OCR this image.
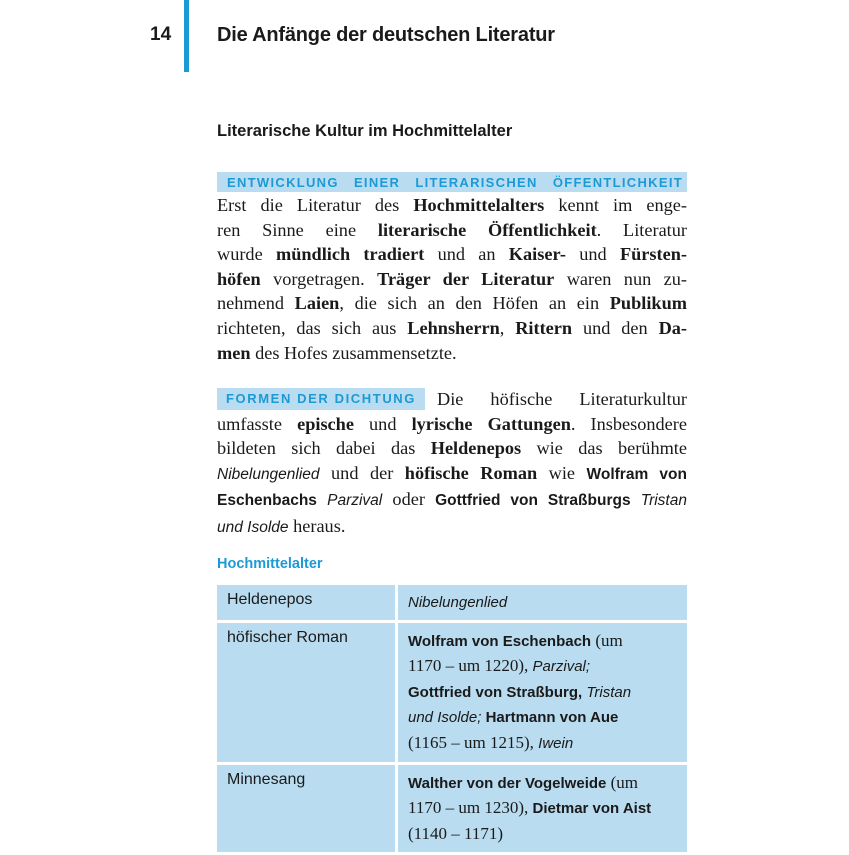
14 Die Anfänge der deutschen Literatur
Literarische Kultur im Hochmittelalter
ENTWICKLUNG EINER LITERARISCHEN ÖFFENTLICHKEIT
Erst die Literatur des Hochmittelalters kennt im enge-
ren Sinne eine literarische Öffentlichkeit. Literatur
wurde mündlich tradiert und an Kaiser- und Fürsten-
höfen vorgetragen. Träger der Literatur waren nun zu-
nehmend Laien, die sich an den Höfen an ein Publikum
richteten, das sich aus Lehnsherrn, Rittern und den Da-
men des Hofes zusammensetzte.
FORMEN DER DICHTUNG	Die höfische Literaturkultur
umfasste epische und lyrische Gattungen. Insbesondere
bildeten sich dabei das Heldenepos wie das berühmte
Nibelungenlied und der höfische Roman wie Wolfram von
Eschenbachs Parzival oder Gottfried von Straßburgs Tristan
und Isolde heraus.
Hochmittelalter
Heldenepos	Nibelungenlied

höfischer Roman	Wolfram von Eschenbach (um
1170 – um 1220), Parzival;
Gottfried von Straßburg, Tristan
und Isolde; Hartmann von Aue
(1165 – um 1215), Iwein

Minnesang	Walther von der Vogelweide (um
1170 – um 1230), Dietmar von Aist
(1140 – 1171)
